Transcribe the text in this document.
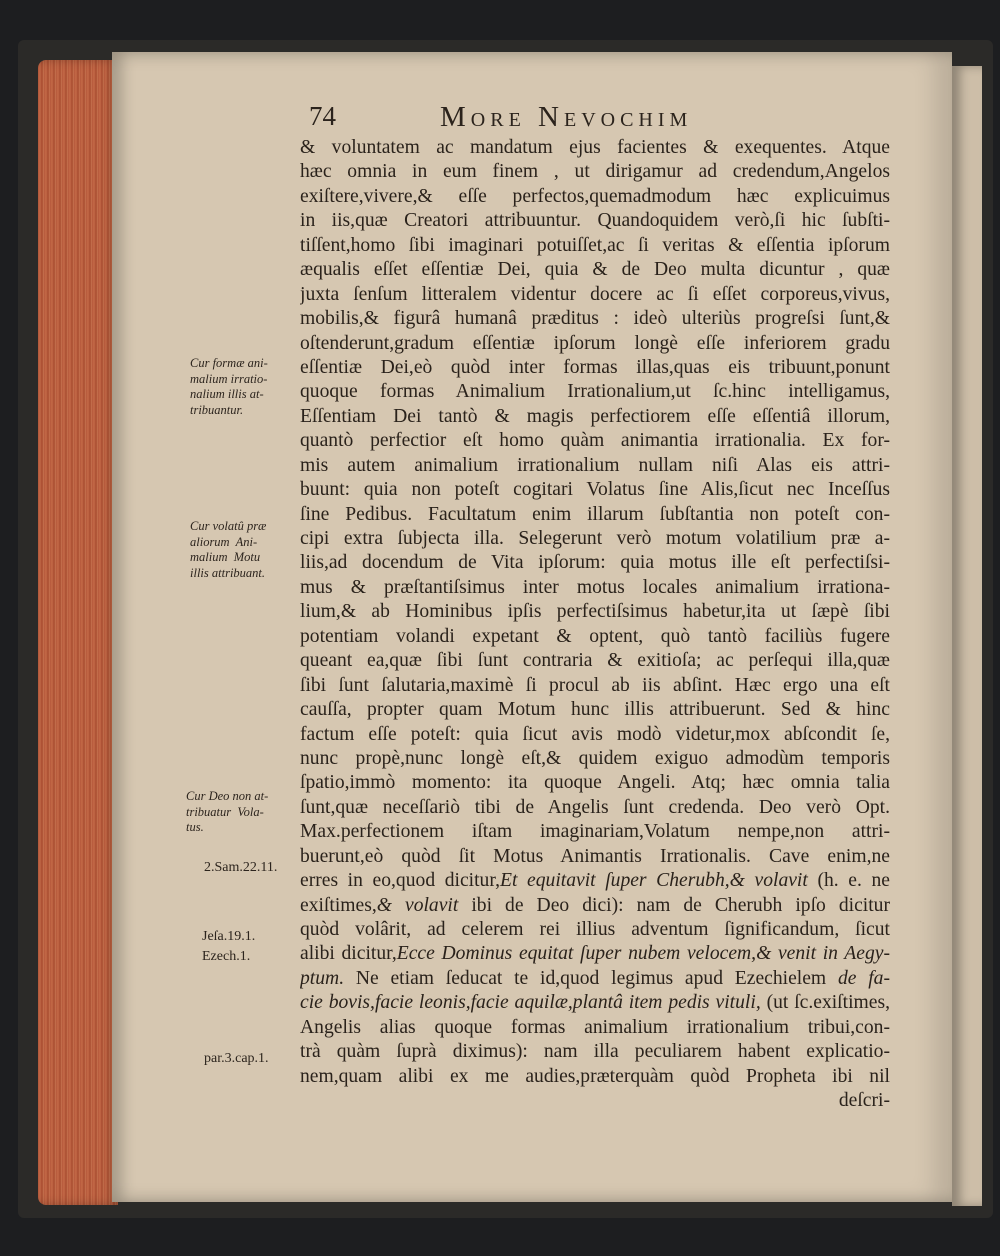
74	More Nevochim
& voluntatem ac mandatum ejus facientes & exequentes. Atque
hæc omnia in eum finem , ut dirigamur ad credendum,Angelos
exiſtere,vivere,& eſſe perfectos,quemadmodum hæc explicuimus
in iis,quæ Creatori attribuuntur. Quandoquidem verò,ſi hic ſubſti-
tiſſent,homo ſibi imaginari potuiſſet,ac ſi veritas & eſſentia ipſorum
æqualis eſſet eſſentiæ Dei, quia & de Deo multa dicuntur , quæ
juxta ſenſum litteralem videntur docere ac ſi eſſet corporeus,vivus,
mobilis,& figurâ humanâ præditus : ideò ulteriùs progreſsi ſunt,&
oſtenderunt,gradum eſſentiæ ipſorum longè eſſe inferiorem gradu
eſſentiæ Dei,eò quòd inter formas illas,quas eis tribuunt,ponunt
quoque formas Animalium Irrationalium,ut ſc.hinc intelligamus,
Eſſentiam Dei tantò & magis perfectiorem eſſe eſſentiâ illorum,
quantò perfectior eſt homo quàm animantia irrationalia. Ex for-
mis autem animalium irrationalium nullam niſi Alas eis attri-
buunt: quia non poteſt cogitari Volatus ſine Alis,ſicut nec Inceſſus
ſine Pedibus. Facultatum enim illarum ſubſtantia non poteſt con-
cipi extra ſubjecta illa. Selegerunt verò motum volatilium præ a-
liis,ad docendum de Vita ipſorum: quia motus ille eſt perfectiſsi-
mus & præſtantiſsimus inter motus locales animalium irrationa-
lium,& ab Hominibus ipſis perfectiſsimus habetur,ita ut ſæpè ſibi
potentiam volandi expetant & optent, quò tantò faciliùs fugere
queant ea,quæ ſibi ſunt contraria & exitioſa; ac perſequi illa,quæ
ſibi ſunt ſalutaria,maximè ſi procul ab iis abſint. Hæc ergo una eſt
cauſſa, propter quam Motum hunc illis attribuerunt. Sed & hinc
factum eſſe poteſt: quia ſicut avis modò videtur,mox abſcondit ſe,
nunc propè,nunc longè eſt,& quidem exiguo admodùm temporis
ſpatio,immò momento: ita quoque Angeli. Atq; hæc omnia talia
ſunt,quæ neceſſariò tibi de Angelis ſunt credenda. Deo verò Opt.
Max.perfectionem iſtam imaginariam,Volatum nempe,non attri-
buerunt,eò quòd ſit Motus Animantis Irrationalis. Cave enim,ne
erres in eo,quod dicitur,Et equitavit ſuper Cherubh,& volavit (h. e. ne
exiſtimes,& volavit ibi de Deo dici): nam de Cherubh ipſo dicitur
quòd volârit, ad celerem rei illius adventum ſignificandum, ſicut
alibi dicitur,Ecce Dominus equitat ſuper nubem velocem,& venit in Aegy-
ptum. Ne etiam ſeducat te id,quod legimus apud Ezechielem de fa-
cie bovis,facie leonis,facie aquilæ,plantâ item pedis vituli, (ut ſc.exiſtimes,
Angelis alias quoque formas animalium irrationalium tribui,con-
trà quàm ſuprà diximus): nam illa peculiarem habent explicatio-
nem,quam alibi ex me audies,præterquàm quòd Propheta ibi nil
deſcri-
Cur formæ ani-
malium irratio-
nalium illis at-
tribuantur.
Cur volatû præ
aliorum  Ani-
malium  Motu
illis attribuant.
Cur Deo non at-
tribuatur  Vola-
tus.
2.Sam.22.11.
Jeſa.19.1.
Ezech.1.
par.3.cap.1.
